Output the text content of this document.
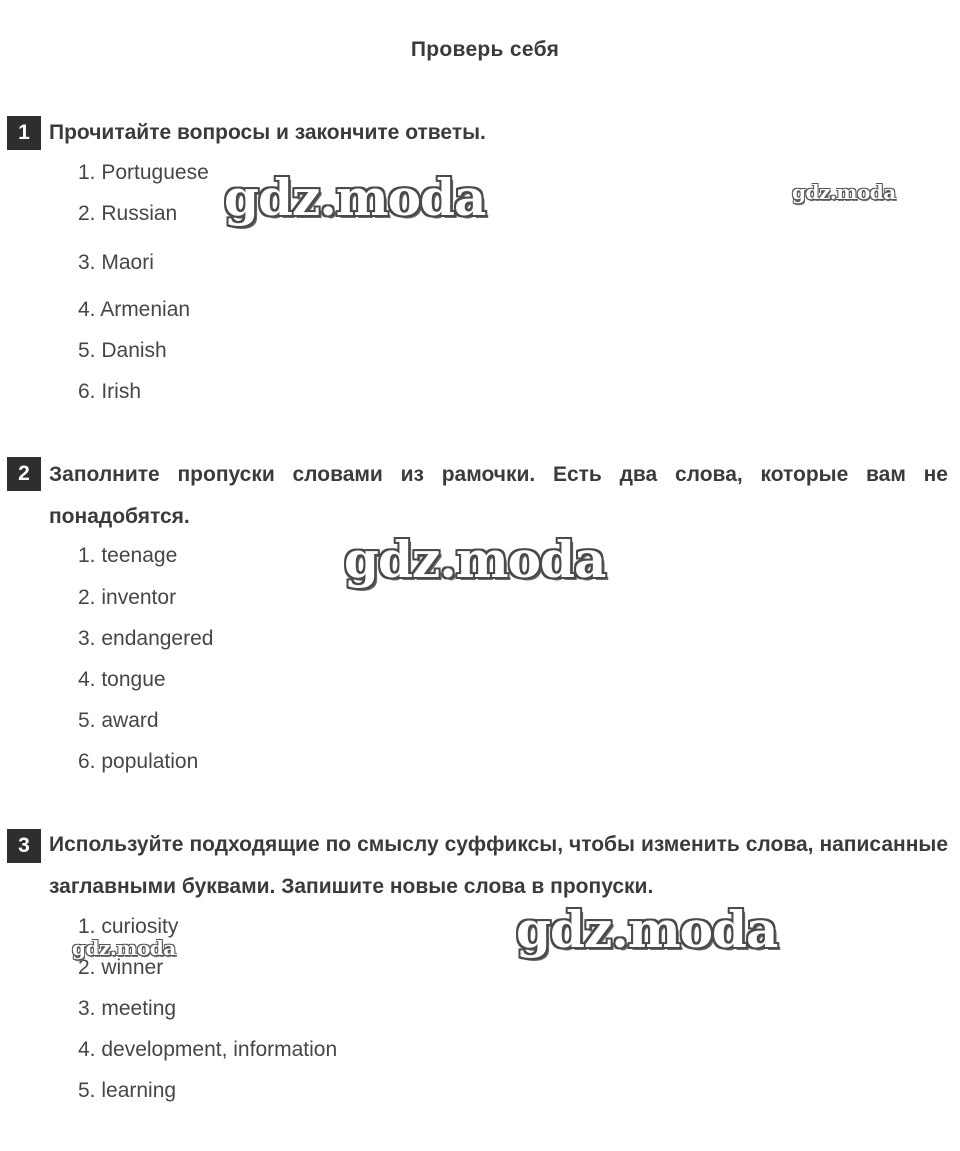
Проверь себя
1 Прочитайте вопросы и закончите ответы.

1. Portuguese
2. Russian
3. Maori
4. Armenian
5. Danish
6. Irish
2 Заполните пропуски словами из рамочки. Есть два слова, которые вам не понадобятся.

1. teenage
2. inventor
3. endangered
4. tongue
5. award
6. population
3 Используйте подходящие по смыслу суффиксы, чтобы изменить слова, написанные заглавными буквами. Запишите новые слова в пропуски.

1. curiosity
2. winner
3. meeting
4. development, information
5. learning
gdz.moda	gdz.moda
gdz.moda
gdz.moda
gdz.moda
